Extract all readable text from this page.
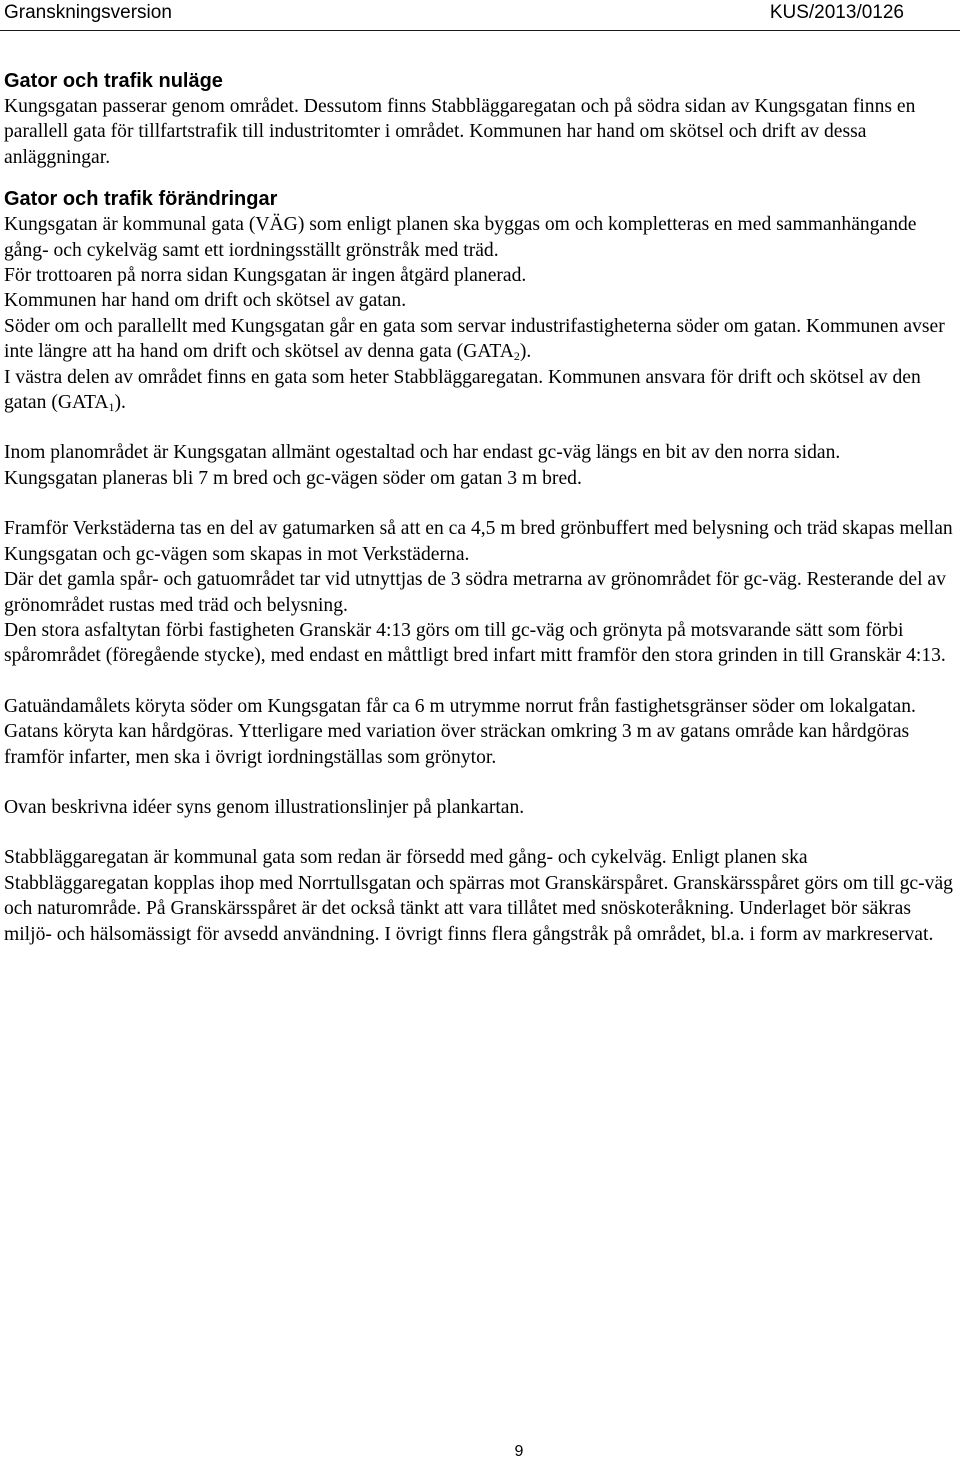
Granskningsversion	KUS/2013/0126
Gator och trafik nuläge

Kungsgatan passerar genom området. Dessutom finns Stabbläggaregatan och på södra sidan av Kungsgatan finns en parallell gata för tillfartstrafik till industritomter i området. Kommunen har hand om skötsel och drift av dessa anläggningar.

Gator och trafik förändringar

Kungsgatan är kommunal gata (VÄG) som enligt planen ska byggas om och kompletteras en med sammanhängande gång- och cykelväg samt ett iordningsställt grönstråk med träd.

För trottoaren på norra sidan Kungsgatan är ingen åtgärd planerad.

Kommunen har hand om drift och skötsel av gatan.

Söder om och parallellt med Kungsgatan går en gata som servar industrifastigheterna söder om gatan. Kommunen avser inte längre att ha hand om drift och skötsel av denna gata $(GATA_2)$.

I västra delen av området finns en gata som heter Stabbläggaregatan. Kommunen ansvara för drift och skötsel av den gatan $(GATA_1)$.

Inom planområdet är Kungsgatan allmänt ogestaltad och har endast gc-väg längs en bit av den norra sidan.

Kungsgatan planeras bli 7 m bred och gc-vägen söder om gatan 3 m bred.

Framför Verkstäderna tas en del av gatumarken så att en ca 4,5 m bred grönbuffert med belysning och träd skapas mellan Kungsgatan och gc-vägen som skapas in mot Verkstäderna.

Där det gamla spår- och gatuområdet tar vid utnyttjas de 3 södra metrarna av grönområdet för gc-väg. Resterande del av grönområdet rustas med träd och belysning.

Den stora asfaltytan förbi fastigheten Granskär 4:13 görs om till gc-väg och grönyta på motsvarande sätt som förbi spårområdet (föregående stycke), med endast en måttligt bred infart mitt framför den stora grinden in till Granskär 4:13.

Gatuändamålets köryta söder om Kungsgatan får ca 6 m utrymme norrut från fastighetsgränser söder om lokalgatan.

Gatans köryta kan hårdgöras. Ytterligare med variation över sträckan omkring 3 m av gatans område kan hårdgöras framför infarter, men ska i övrigt iordningställas som grönytor.

Ovan beskrivna idéer syns genom illustrationslinjer på plankartan.

Stabbläggaregatan är kommunal gata som redan är försedd med gång- och cykelväg. Enligt planen ska Stabbläggaregatan kopplas ihop med Norrtullsgatan och spärras mot Granskärspåret. Granskärsspåret görs om till gc-väg och naturområde. På Granskärsspåret är det också tänkt att vara tillåtet med snöskoteråkning. Underlaget bör säkras miljö- och hälsomässigt för avsedd användning. I övrigt finns flera gångstråk på området, bl.a. i form av markreservat.

9
